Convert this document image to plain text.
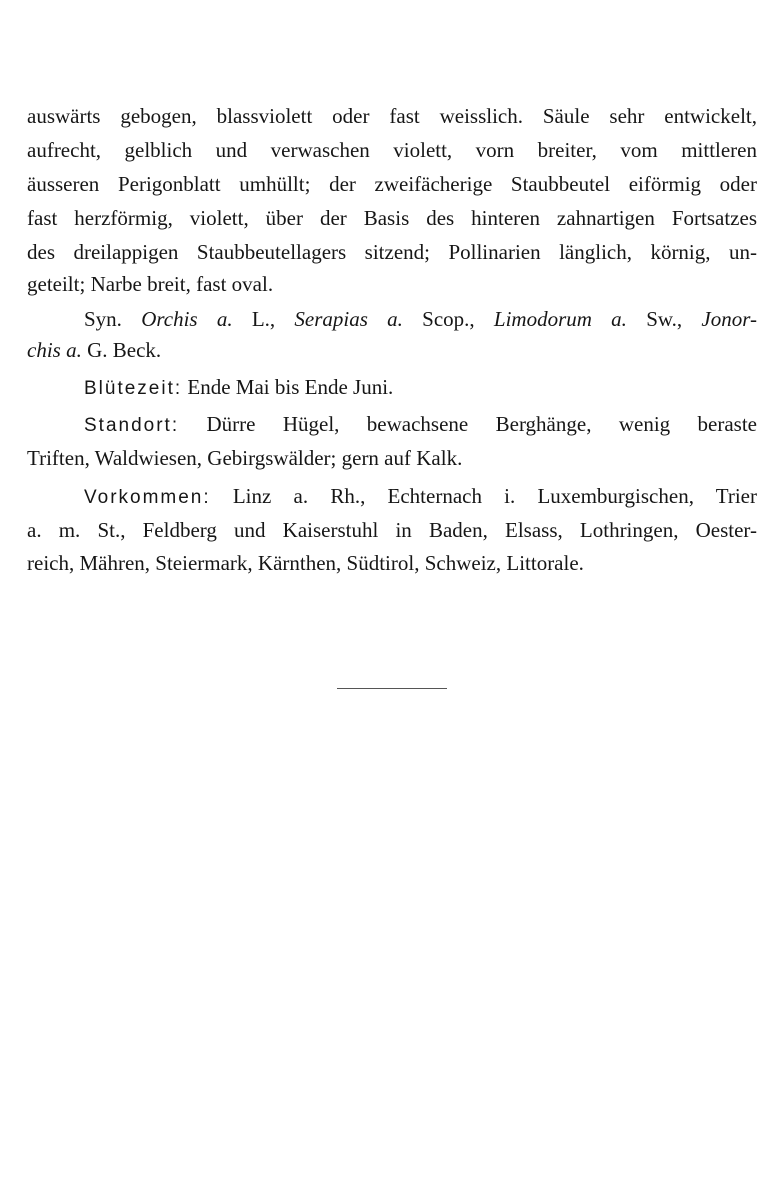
auswärts gebogen, blassviolett oder fast weisslich. Säule sehr entwickelt,
aufrecht, gelblich und verwaschen violett, vorn breiter, vom mittleren
äusseren Perigonblatt umhüllt; der zweifächerige Staubbeutel eiförmig oder
fast herzförmig, violett, über der Basis des hinteren zahnartigen Fortsatzes
des dreilappigen Staubbeutellagers sitzend; Pollinarien länglich, körnig, un-
geteilt; Narbe breit, fast oval.
Syn. Orchis a. L., Serapias a. Scop., Limodorum a. Sw., Jonor-
chis a. G. Beck.
Blütezeit: Ende Mai bis Ende Juni.
Standort: Dürre Hügel, bewachsene Berghänge, wenig beraste
Triften, Waldwiesen, Gebirgswälder; gern auf Kalk.
Vorkommen: Linz a. Rh., Echternach i. Luxemburgischen, Trier
a. m. St., Feldberg und Kaiserstuhl in Baden, Elsass, Lothringen, Oester-
reich, Mähren, Steiermark, Kärnthen, Südtirol, Schweiz, Littorale.
